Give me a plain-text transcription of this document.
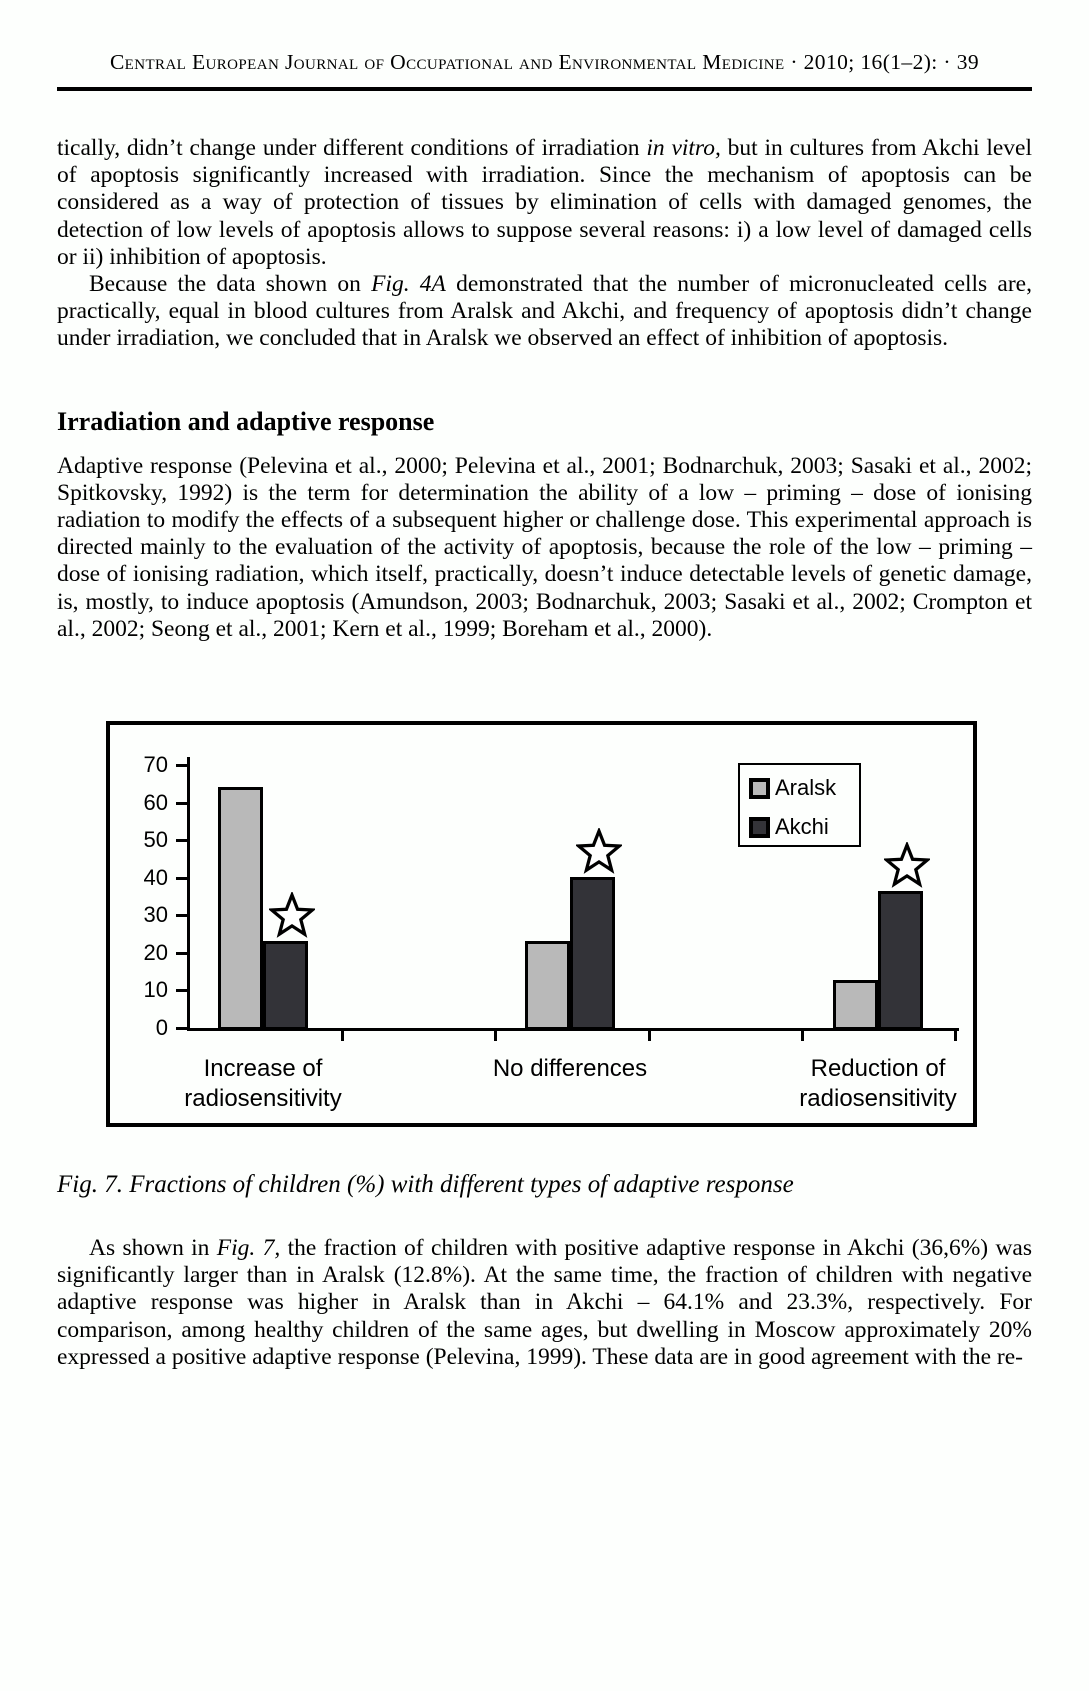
Central European Journal of Occupational and Environmental Medicine · 2010; 16(1–2): · 39

tically, didn’t change under different conditions of irradiation in vitro, but in cultures from Akchi level of apoptosis significantly increased with irradiation. Since the mechanism of apoptosis can be considered as a way of protection of tissues by elimination of cells with damaged genomes, the detection of low levels of apoptosis allows to suppose several reasons: i) a low level of damaged cells or ii) inhibition of apoptosis.

Because the data shown on Fig. 4A demonstrated that the number of micronucleated cells are, practically, equal in blood cultures from Aralsk and Akchi, and frequency of apoptosis didn’t change under irradiation, we concluded that in Aralsk we observed an effect of inhibition of apoptosis.

Irradiation and adaptive response

Adaptive response (Pelevina et al., 2000; Pelevina et al., 2001; Bodnarchuk, 2003; Sasaki et al., 2002; Spitkovsky, 1992) is the term for determination the ability of a low – priming – dose of ionising radiation to modify the effects of a subsequent higher or challenge dose. This experimental approach is directed mainly to the evaluation of the activity of apoptosis, because the role of the low – priming – dose of ionising radiation, which itself, practically, doesn’t induce detectable levels of genetic damage, is, mostly, to induce apoptosis (Amundson, 2003; Bodnarchuk, 2003; Sasaki et al., 2002; Crompton et al., 2002; Seong et al., 2001; Kern et al., 1999; Boreham et al., 2000).

0
10
20
30
40
50
60
70
Increase of radiosensitivity
No differences	Reduction of radiosensitivity
Aralsk
Akchi

Fig. 7. Fractions of children (%) with different types of adaptive response

As shown in Fig. 7, the fraction of children with positive adaptive response in Akchi (36,6%) was significantly larger than in Aralsk (12.8%). At the same time, the fraction of children with negative adaptive response was higher in Aralsk than in Akchi – 64.1% and 23.3%, respectively. For comparison, among healthy children of the same ages, but dwelling in Moscow approximately 20% expressed a positive adaptive response (Pelevina, 1999). These data are in good agreement with the re-
